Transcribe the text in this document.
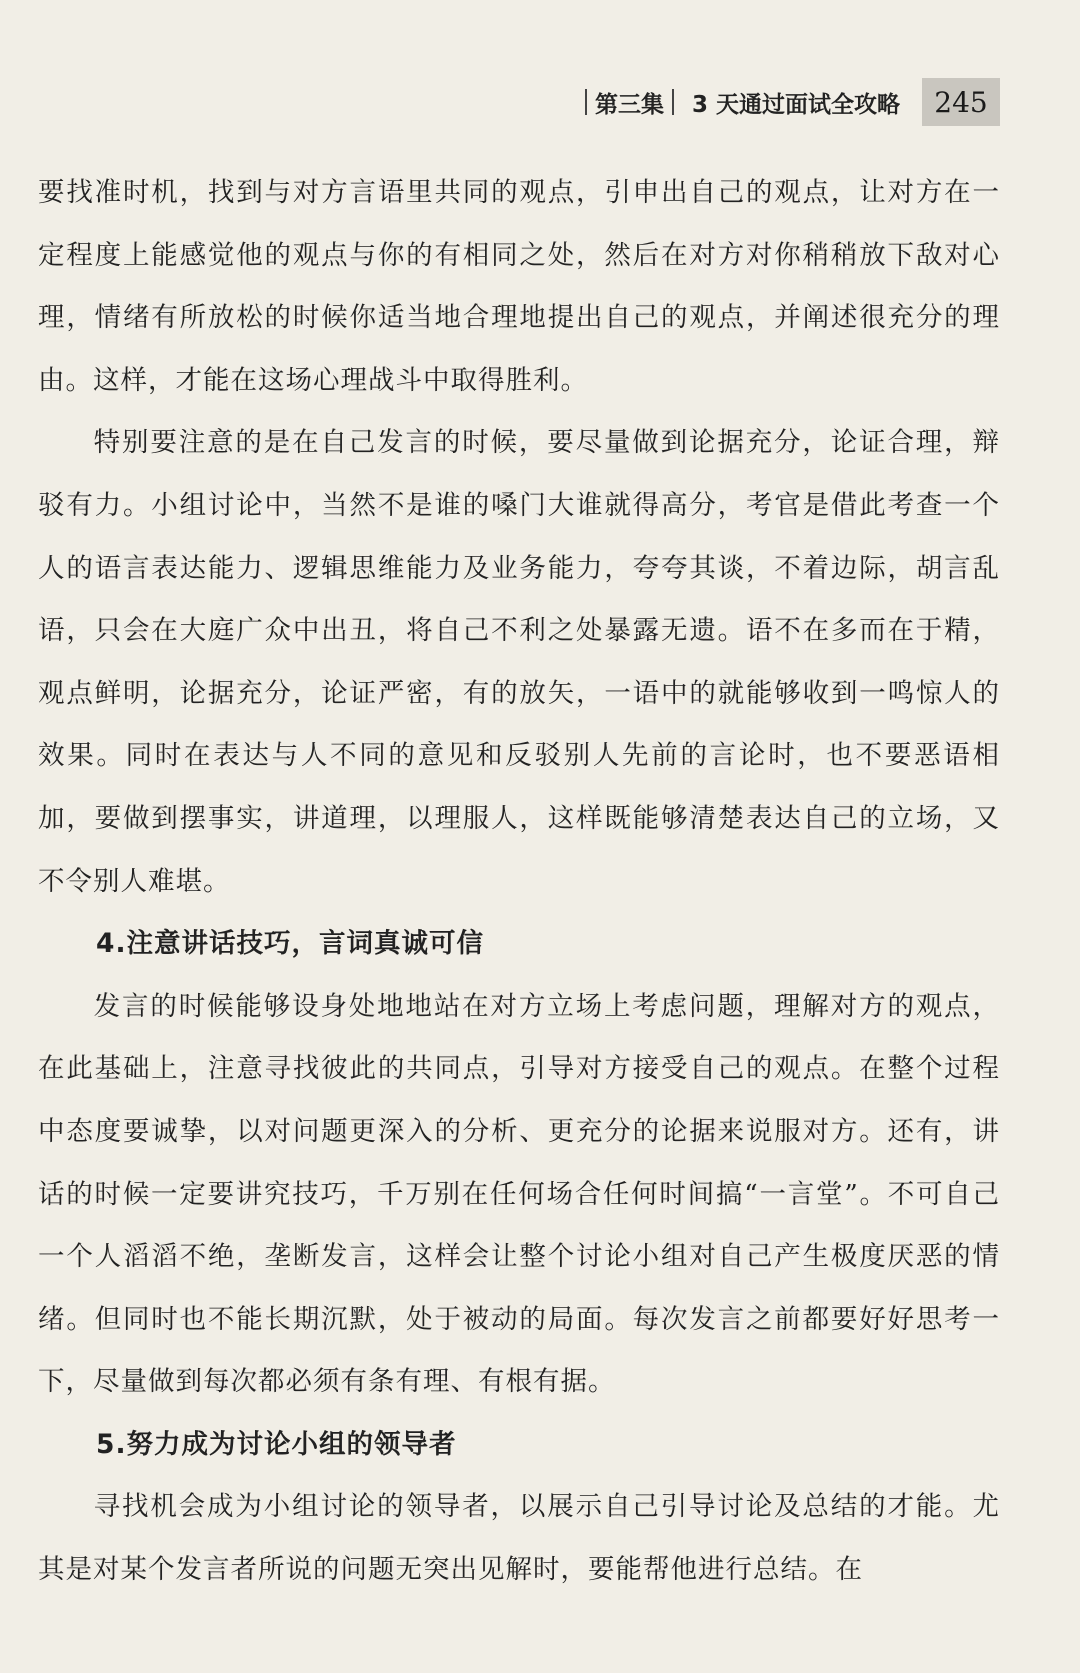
第三集 3 天通过面试全攻略	245

要找准时机，找到与对方言语里共同的观点，引申出自己的观点，让对方在一定程度上能感觉他的观点与你的有相同之处，然后在对方对你稍稍放下敌对心理，情绪有所放松的时候你适当地合理地提出自己的观点，并阐述很充分的理由。这样，才能在这场心理战斗中取得胜利。

特别要注意的是在自己发言的时候，要尽量做到论据充分，论证合理，辩驳有力。小组讨论中，当然不是谁的嗓门大谁就得高分，考官是借此考查一个人的语言表达能力、逻辑思维能力及业务能力，夸夸其谈，不着边际，胡言乱语，只会在大庭广众中出丑，将自己不利之处暴露无遗。语不在多而在于精，观点鲜明，论据充分，论证严密，有的放矢，一语中的就能够收到一鸣惊人的效果。同时在表达与人不同的意见和反驳别人先前的言论时，也不要恶语相加，要做到摆事实，讲道理，以理服人，这样既能够清楚表达自己的立场，又不令别人难堪。

4.注意讲话技巧，言词真诚可信

发言的时候能够设身处地地站在对方立场上考虑问题，理解对方的观点，在此基础上，注意寻找彼此的共同点，引导对方接受自己的观点。在整个过程中态度要诚挚，以对问题更深入的分析、更充分的论据来说服对方。还有，讲话的时候一定要讲究技巧，千万别在任何场合任何时间搞“一言堂”。不可自己一个人滔滔不绝，垄断发言，这样会让整个讨论小组对自己产生极度厌恶的情绪。但同时也不能长期沉默，处于被动的局面。每次发言之前都要好好思考一下，尽量做到每次都必须有条有理、有根有据。

5.努力成为讨论小组的领导者

寻找机会成为小组讨论的领导者，以展示自己引导讨论及总结的才能。尤其是对某个发言者所说的问题无突出见解时，要能帮他进行总结。在
